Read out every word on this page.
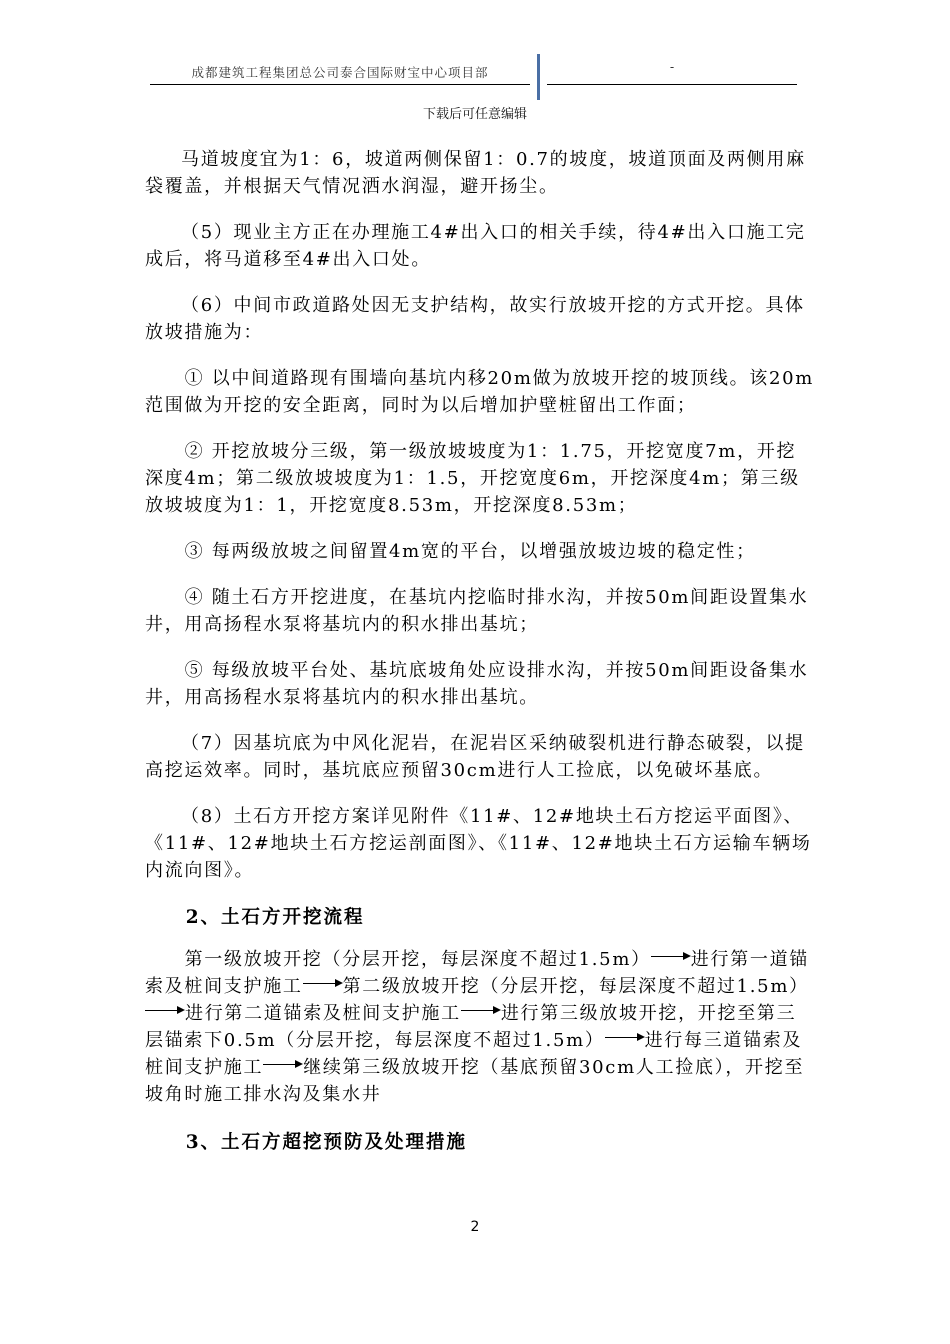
成都建筑工程集团总公司泰合国际财宝中心项目部	-
下载后可任意编辑

马道坡度宜为1：6，坡道两侧保留1：0.7的坡度，坡道顶面及两侧用麻袋覆盖，并根据天气情况洒水润湿，避开扬尘。

（5）现业主方正在办理施工4#出入口的相关手续，待4#出入口施工完成后，将马道移至4#出入口处。

（6）中间市政道路处因无支护结构，故实行放坡开挖的方式开挖。具体放坡措施为：

① 以中间道路现有围墙向基坑内移20m做为放坡开挖的坡顶线。该20m范围做为开挖的安全距离，同时为以后增加护壁桩留出工作面；

② 开挖放坡分三级，第一级放坡坡度为1：1.75，开挖宽度7m，开挖深度4m；第二级放坡坡度为1：1.5，开挖宽度6m，开挖深度4m；第三级放坡坡度为1：1，开挖宽度8.53m，开挖深度8.53m；

③ 每两级放坡之间留置4m宽的平台，以增强放坡边坡的稳定性；

④ 随土石方开挖进度，在基坑内挖临时排水沟，并按50m间距设置集水井，用高扬程水泵将基坑内的积水排出基坑；

⑤ 每级放坡平台处、基坑底坡角处应设排水沟，并按50m间距设备集水井，用高扬程水泵将基坑内的积水排出基坑。

（7）因基坑底为中风化泥岩，在泥岩区采纳破裂机进行静态破裂，以提高挖运效率。同时，基坑底应预留30cm进行人工捡底，以免破坏基底。

（8）土石方开挖方案详见附件《11#、12#地块土石方挖运平面图》、《11#、12#地块土石方挖运剖面图》、《11#、12#地块土石方运输车辆场内流向图》。

2、土石方开挖流程
第一级放坡开挖（分层开挖，每层深度不超过1.5m） 进行第一道锚索及桩间支护施工 第二级放坡开挖（分层开挖，每层深度不超过1.5m）进行第二道锚索及桩间支护施工 进行第三级放坡开挖，开挖至第三层锚索下0.5m（分层开挖，每层深度不超过1.5m） 进行每三道锚索及桩间支护施工 继续第三级放坡开挖（基底预留30cm人工捡底），开挖至坡角时施工排水沟及集水井
3、土石方超挖预防及处理措施
2
